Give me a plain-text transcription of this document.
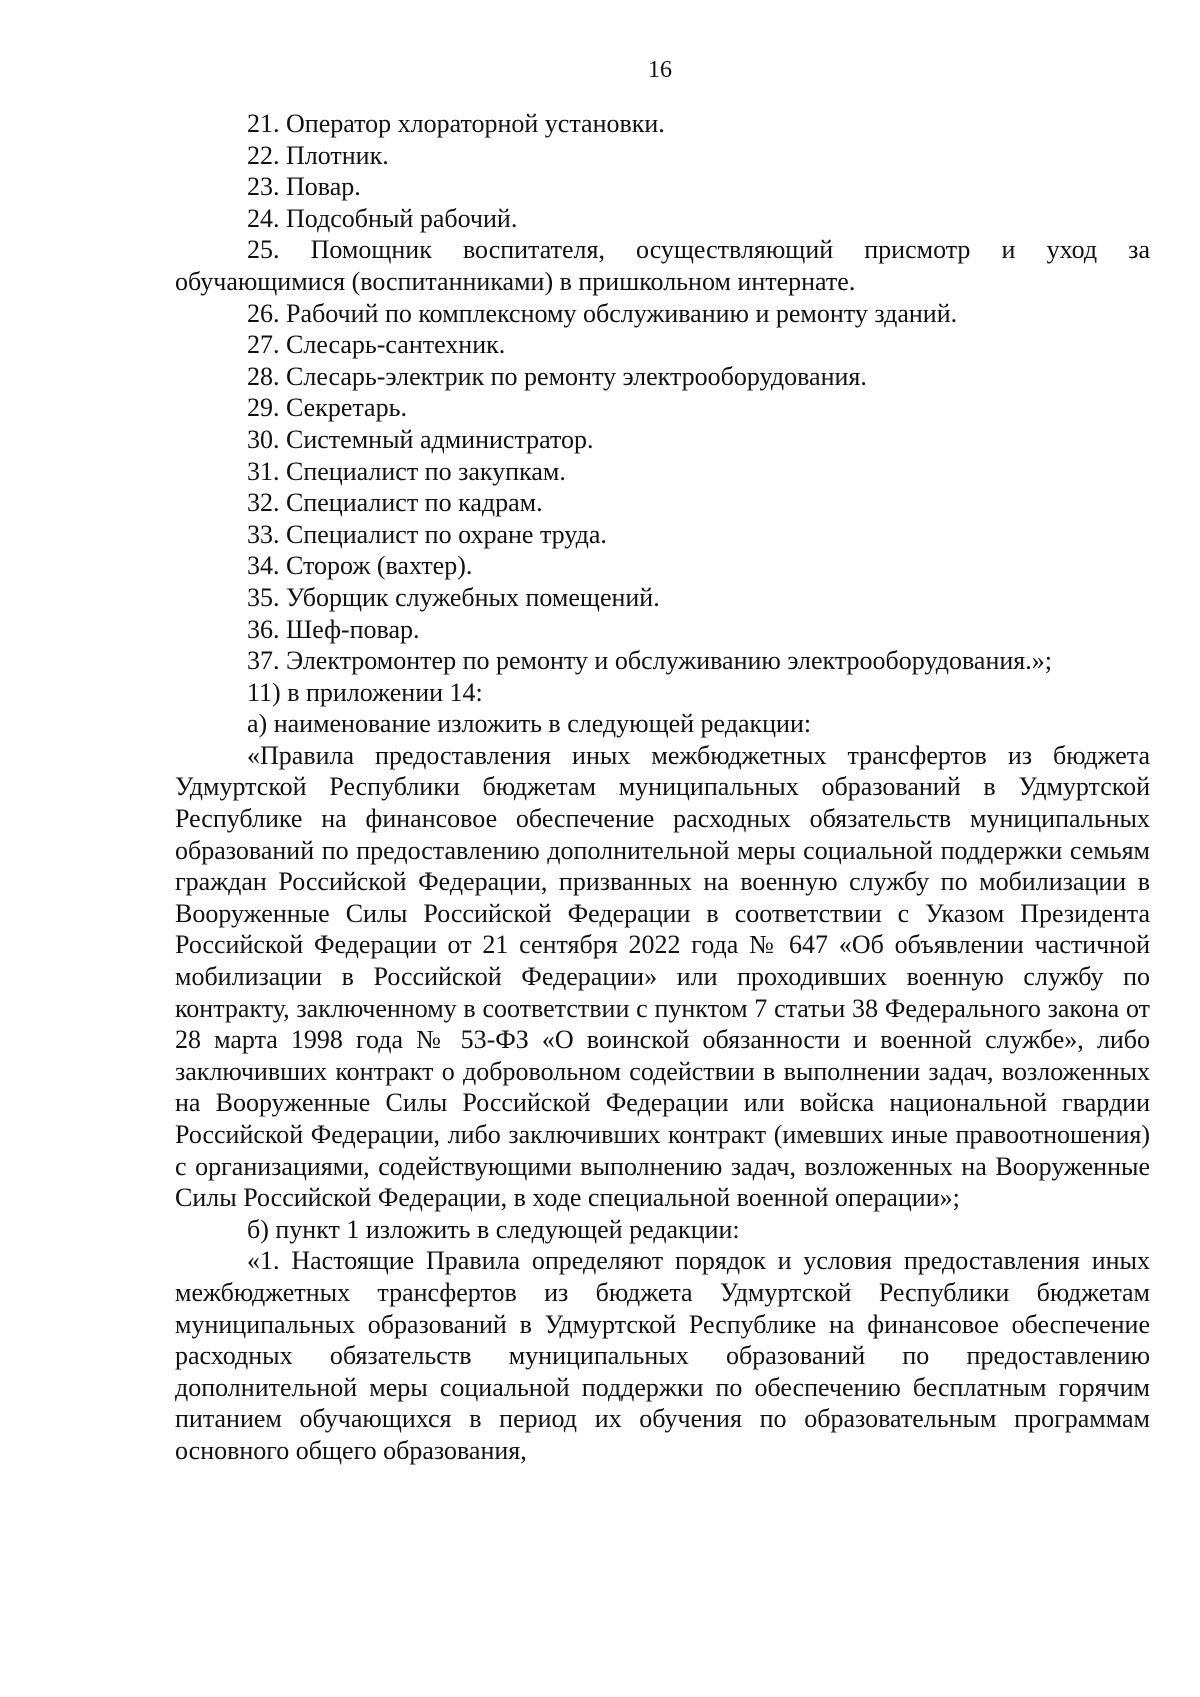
16

21. Оператор хлораторной установки.

22. Плотник.

23. Повар.

24. Подсобный рабочий.

25. Помощник воспитателя, осуществляющий присмотр и уход за обучающимися (воспитанниками) в пришкольном интернате.

26. Рабочий по комплексному обслуживанию и ремонту зданий.

27. Слесарь-сантехник.

28. Слесарь-электрик по ремонту электрооборудования.

29. Секретарь.

30. Системный администратор.

31. Специалист по закупкам.

32. Специалист по кадрам.

33. Специалист по охране труда.

34. Сторож (вахтер).

35. Уборщик служебных помещений.

36. Шеф-повар.

37. Электромонтер по ремонту и обслуживанию электрооборудования.»;

11) в приложении 14:

а) наименование изложить в следующей редакции:

«Правила предоставления иных межбюджетных трансфертов из бюджета Удмуртской Республики бюджетам муниципальных образований в Удмуртской Республике на финансовое обеспечение расходных обязательств муниципальных образований по предоставлению дополнительной меры социальной поддержки семьям граждан Российской Федерации, призванных на военную службу по мобилизации в Вооруженные Силы Российской Федерации в соответствии с Указом Президента Российской Федерации от 21 сентября 2022 года № 647 «Об объявлении частичной мобилизации в Российской Федерации» или проходивших военную службу по контракту, заключенному в соответствии с пунктом 7 статьи 38 Федерального закона от 28 марта 1998 года № 53-ФЗ «О воинской обязанности и военной службе», либо заключивших контракт о добровольном содействии в выполнении задач, возложенных на Вооруженные Силы Российской Федерации или войска национальной гвардии Российской Федерации, либо заключивших контракт (имевших иные правоотношения) с организациями, содействующими выполнению задач, возложенных на Вооруженные Силы Российской Федерации, в ходе специальной военной операции»;

б) пункт 1 изложить в следующей редакции:

«1. Настоящие Правила определяют порядок и условия предоставления иных межбюджетных трансфертов из бюджета Удмуртской Республики бюджетам муниципальных образований в Удмуртской Республике на финансовое обеспечение расходных обязательств муниципальных образований по предоставлению дополнительной меры социальной поддержки по обеспечению бесплатным горячим питанием обучающихся в период их обучения по образовательным программам основного общего образования,
